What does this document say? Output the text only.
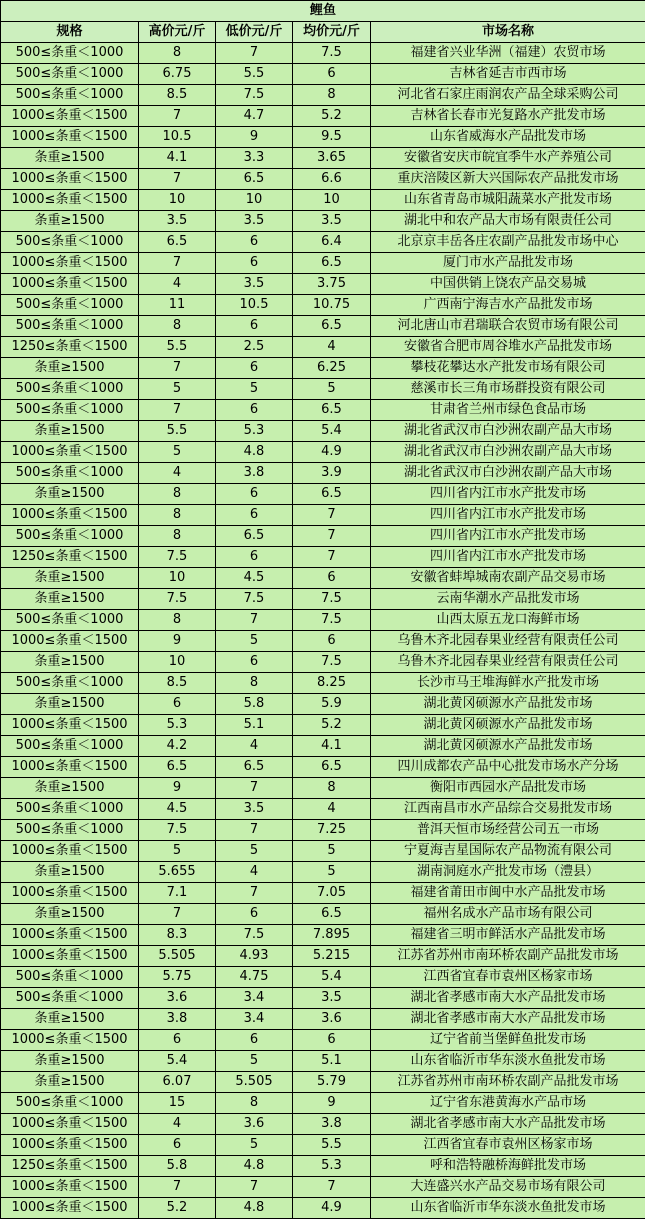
鲤鱼				
规格	高价元/斤	低价元/斤	均价元/斤	市场名称
500≤条重＜1000	8	7	7.5	福建省兴业华洲（福建）农贸市场
500≤条重＜1000	6.75	5.5	6	吉林省延吉市西市场
500≤条重＜1000	8.5	7.5	8	河北省石家庄雨润农产品全球采购公司
1000≤条重＜1500	7	4.7	5.2	吉林省长春市光复路水产批发市场
1000≤条重＜1500	10.5	9	9.5	山东省威海水产品批发市场
条重≥1500	4.1	3.3	3.65	安徽省安庆市皖宜季牛水产养殖公司
1000≤条重＜1500	7	6.5	6.6	重庆涪陵区新大兴国际农产品批发市场
1000≤条重＜1500	10	10	10	山东省青岛市城阳蔬菜水产批发市场
条重≥1500	3.5	3.5	3.5	湖北中和农产品大市场有限责任公司
500≤条重＜1000	6.5	6	6.4	北京京丰岳各庄农副产品批发市场中心
1000≤条重＜1500	7	6	6.5	厦门市水产品批发市场
1000≤条重＜1500	4	3.5	3.75	中国供销上饶农产品交易城
500≤条重＜1000	11	10.5	10.75	广西南宁海吉水产品批发市场
500≤条重＜1000	8	6	6.5	河北唐山市君瑞联合农贸市场有限公司
1250≤条重＜1500	5.5	2.5	4	安徽省合肥市周谷堆水产品批发市场
条重≥1500	7	6	6.25	攀枝花攀达水产批发市场有限公司
500≤条重＜1000	5	5	5	慈溪市长三角市场群投资有限公司
500≤条重＜1000	7	6	6.5	甘肃省兰州市绿色食品市场
条重≥1500	5.5	5.3	5.4	湖北省武汉市白沙洲农副产品大市场
1000≤条重＜1500	5	4.8	4.9	湖北省武汉市白沙洲农副产品大市场
500≤条重＜1000	4	3.8	3.9	湖北省武汉市白沙洲农副产品大市场
条重≥1500	8	6	6.5	四川省内江市水产批发市场
1000≤条重＜1500	8	6	7	四川省内江市水产批发市场
500≤条重＜1000	8	6.5	7	四川省内江市水产批发市场
1250≤条重＜1500	7.5	6	7	四川省内江市水产批发市场
条重≥1500	10	4.5	6	安徽省蚌埠城南农副产品交易市场
条重≥1500	7.5	7.5	7.5	云南华潮水产品批发市场
500≤条重＜1000	8	7	7.5	山西太原五龙口海鲜市场
1000≤条重＜1500	9	5	6	乌鲁木齐北园春果业经营有限责任公司
条重≥1500	10	6	7.5	乌鲁木齐北园春果业经营有限责任公司
500≤条重＜1000	8.5	8	8.25	长沙市马王堆海鲜水产批发市场
条重≥1500	6	5.8	5.9	湖北黄冈硕源水产品批发市场
1000≤条重＜1500	5.3	5.1	5.2	湖北黄冈硕源水产品批发市场
500≤条重＜1000	4.2	4	4.1	湖北黄冈硕源水产品批发市场
1000≤条重＜1500	6.5	6.5	6.5	四川成都农产品中心批发市场水产分场
条重≥1500	9	7	8	衡阳市西园水产品批发市场
500≤条重＜1000	4.5	3.5	4	江西南昌市水产品综合交易批发市场
500≤条重＜1000	7.5	7	7.25	普洱天恒市场经营公司五一市场
1000≤条重＜1500	5	5	5	宁夏海吉星国际农产品物流有限公司
条重≥1500	5.655	4	5	湖南洞庭水产批发市场（澧县）
1000≤条重＜1500	7.1	7	7.05	福建省莆田市闽中水产品批发市场
条重≥1500	7	6	6.5	福州名成水产品市场有限公司
1000≤条重＜1500	8.3	7.5	7.895	福建省三明市鲜活水产品批发市场
1000≤条重＜1500	5.505	4.93	5.215	江苏省苏州市南环桥农副产品批发市场
500≤条重＜1000	5.75	4.75	5.4	江西省宜春市袁州区杨家市场
500≤条重＜1000	3.6	3.4	3.5	湖北省孝感市南大水产品批发市场
条重≥1500	3.8	3.4	3.6	湖北省孝感市南大水产品批发市场
1000≤条重＜1500	6	6	6	辽宁省前当堡鲜鱼批发市场
条重≥1500	5.4	5	5.1	山东省临沂市华东淡水鱼批发市场
条重≥1500	6.07	5.505	5.79	江苏省苏州市南环桥农副产品批发市场
500≤条重＜1000	15	8	9	辽宁省东港黄海水产品市场
1000≤条重＜1500	4	3.6	3.8	湖北省孝感市南大水产品批发市场
1000≤条重＜1500	6	5	5.5	江西省宜春市袁州区杨家市场
1250≤条重＜1500	5.8	4.8	5.3	呼和浩特融桥海鲜批发市场
1000≤条重＜1500	7	7	7	大连盛兴水产品交易市场有限公司
1000≤条重＜1500	5.2	4.8	4.9	山东省临沂市华东淡水鱼批发市场
